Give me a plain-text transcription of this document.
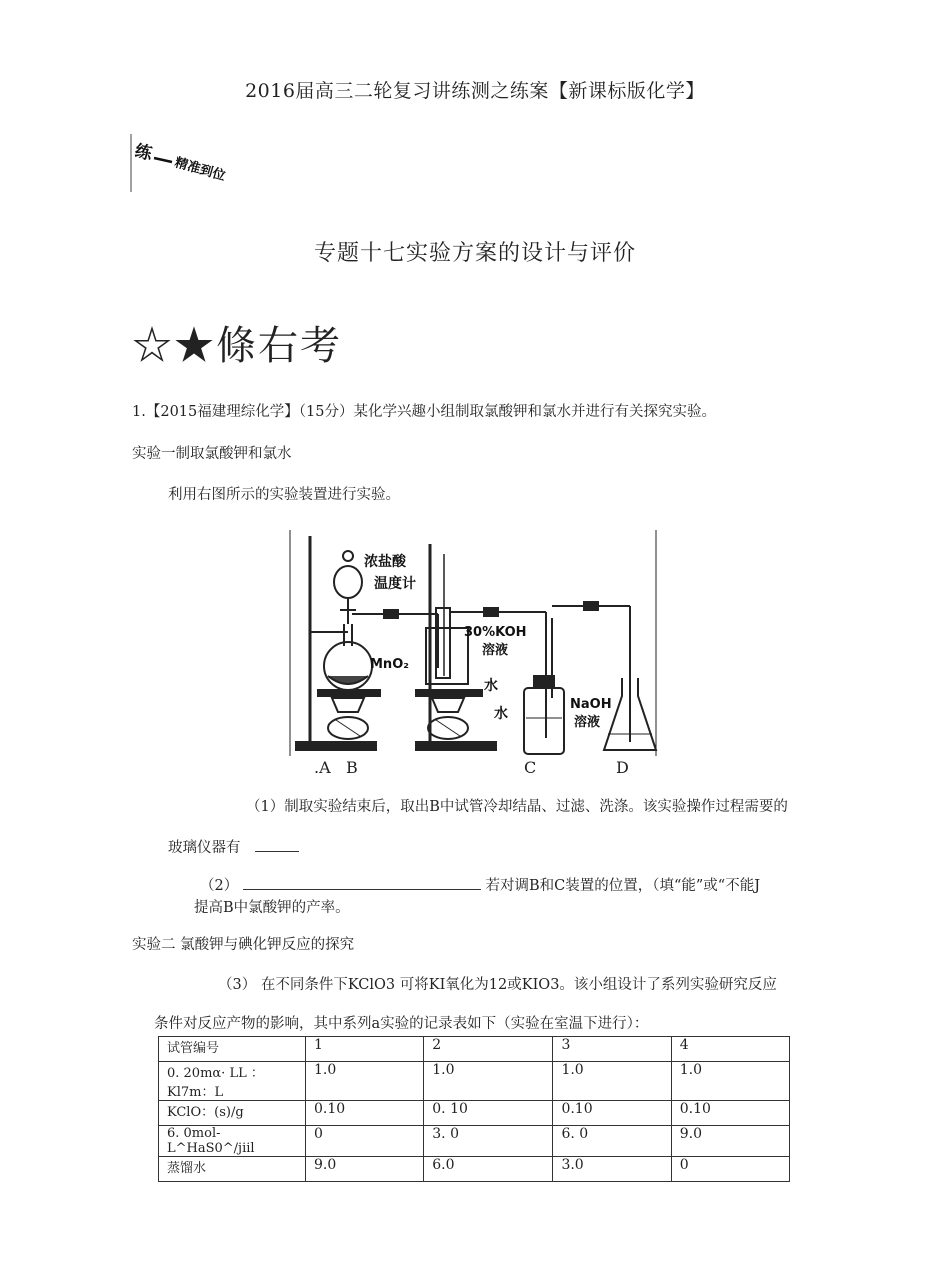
2016届高三二轮复习讲练测之练案【新课标版化学】
练
精准到位
专题十七实验方案的设计与评价
☆★條右考
1.【2015福建理综化学】（15分）某化学兴趣小组制取氯酸钾和氯水并进行有关探究实验。
实验一制取氯酸钾和氯水
利用右图所示的实验装置进行实验。
浓盐酸
温度计
30%KOH
溶液
MnO₂
水
水
NaOH
溶液
.A B	C	D
（1）制取实验结束后，取出B中试管冷却结晶、过滤、洗涤。该实验操作过程需要的
玻璃仪器有
（2）	若对调B和C装置的位置，（填“能”或“不能J
提高B中氯酸钾的产率。
实验二 氯酸钾与碘化钾反应的探究
（3） 在不同条件下KClO3 可将KI氧化为12或KIO3。该小组设计了系列实验研究反应
条件对反应产物的影响，其中系列a实验的记录表如下（实验在室温下进行）：
试管编号	1	2	3	4
0. 20mα· LL ：Kl7m：L	1.0	1.0	1.0	1.0
KClO：(s)/g	0.10	0. 10	0.10	0.10
6. 0mol- L^HaS0^/jiil	0	3. 0	6. 0	9.0
蒸馏水	9.0	6.0	3.0	0
